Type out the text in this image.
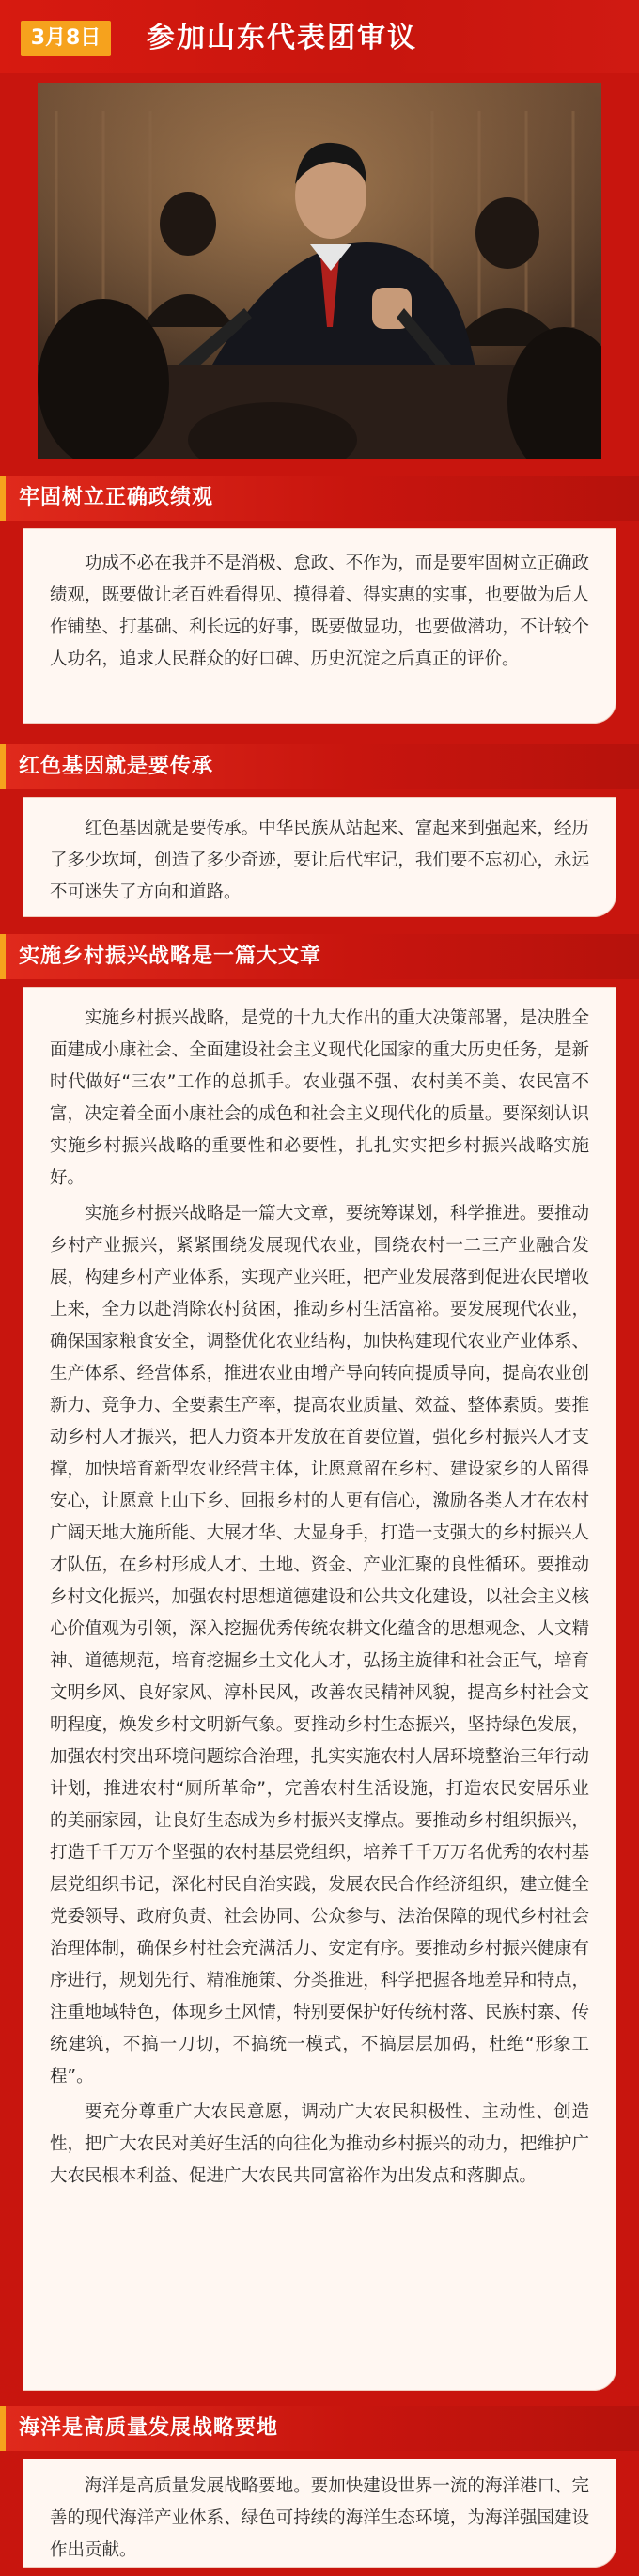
3月8日	参加山东代表团审议
牢固树立正确政绩观

功成不必在我并不是消极、怠政、不作为，而是要牢固树立正确政绩观，既要做让老百姓看得见、摸得着、得实惠的实事，也要做为后人作铺垫、打基础、利长远的好事，既要做显功，也要做潜功，不计较个人功名，追求人民群众的好口碑、历史沉淀之后真正的评价。

红色基因就是要传承

红色基因就是要传承。中华民族从站起来、富起来到强起来，经历了多少坎坷，创造了多少奇迹，要让后代牢记，我们要不忘初心，永远不可迷失了方向和道路。

实施乡村振兴战略是一篇大文章

实施乡村振兴战略，是党的十九大作出的重大决策部署，是决胜全面建成小康社会、全面建设社会主义现代化国家的重大历史任务，是新时代做好“三农”工作的总抓手。农业强不强、农村美不美、农民富不富，决定着全面小康社会的成色和社会主义现代化的质量。要深刻认识实施乡村振兴战略的重要性和必要性，扎扎实实把乡村振兴战略实施好。

实施乡村振兴战略是一篇大文章，要统筹谋划，科学推进。要推动乡村产业振兴，紧紧围绕发展现代农业，围绕农村一二三产业融合发展，构建乡村产业体系，实现产业兴旺，把产业发展落到促进农民增收上来，全力以赴消除农村贫困，推动乡村生活富裕。要发展现代农业，确保国家粮食安全，调整优化农业结构，加快构建现代农业产业体系、生产体系、经营体系，推进农业由增产导向转向提质导向，提高农业创新力、竞争力、全要素生产率，提高农业质量、效益、整体素质。要推动乡村人才振兴，把人力资本开发放在首要位置，强化乡村振兴人才支撑，加快培育新型农业经营主体，让愿意留在乡村、建设家乡的人留得安心，让愿意上山下乡、回报乡村的人更有信心，激励各类人才在农村广阔天地大施所能、大展才华、大显身手，打造一支强大的乡村振兴人才队伍，在乡村形成人才、土地、资金、产业汇聚的良性循环。要推动乡村文化振兴，加强农村思想道德建设和公共文化建设，以社会主义核心价值观为引领，深入挖掘优秀传统农耕文化蕴含的思想观念、人文精神、道德规范，培育挖掘乡土文化人才，弘扬主旋律和社会正气，培育文明乡风、良好家风、淳朴民风，改善农民精神风貌，提高乡村社会文明程度，焕发乡村文明新气象。要推动乡村生态振兴，坚持绿色发展，加强农村突出环境问题综合治理，扎实实施农村人居环境整治三年行动计划，推进农村“厕所革命”，完善农村生活设施，打造农民安居乐业的美丽家园，让良好生态成为乡村振兴支撑点。要推动乡村组织振兴，打造千千万万个坚强的农村基层党组织，培养千千万万名优秀的农村基层党组织书记，深化村民自治实践，发展农民合作经济组织，建立健全党委领导、政府负责、社会协同、公众参与、法治保障的现代乡村社会治理体制，确保乡村社会充满活力、安定有序。要推动乡村振兴健康有序进行，规划先行、精准施策、分类推进，科学把握各地差异和特点，注重地域特色，体现乡土风情，特别要保护好传统村落、民族村寨、传统建筑，不搞一刀切，不搞统一模式，不搞层层加码，杜绝“形象工程”。

要充分尊重广大农民意愿，调动广大农民积极性、主动性、创造性，把广大农民对美好生活的向往化为推动乡村振兴的动力，把维护广大农民根本利益、促进广大农民共同富裕作为出发点和落脚点。

海洋是高质量发展战略要地

海洋是高质量发展战略要地。要加快建设世界一流的海洋港口、完善的现代海洋产业体系、绿色可持续的海洋生态环境，为海洋强国建设作出贡献。
